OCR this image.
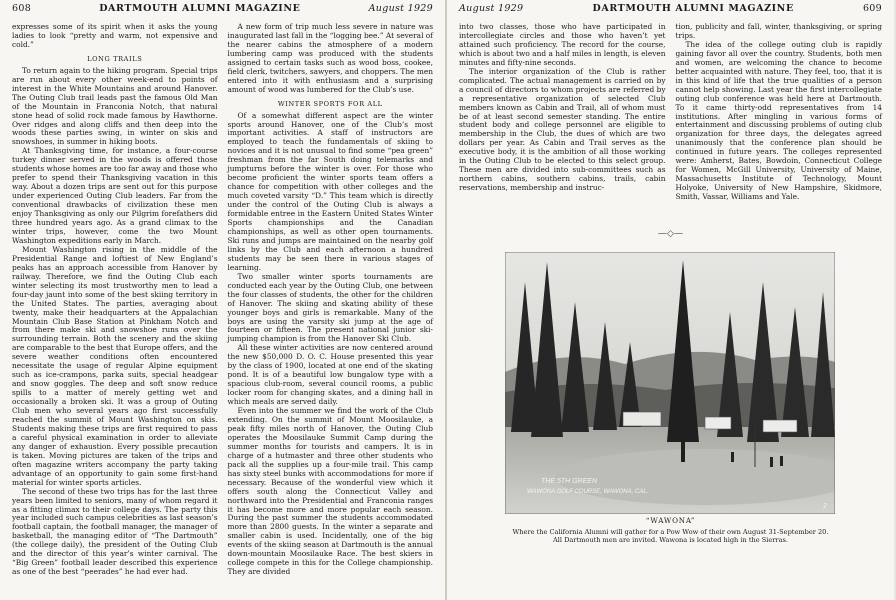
608	DARTMOUTH ALUMNI MAGAZINE	August 1929

expresses some of its spirit when it asks the young ladies to look “pretty and warm, not expensive and cold.”

LONG TRAILS

To return again to the hiking program. Special trips are run about every other week-end to points of interest in the White Mountains and around Hanover. The Outing Club trail leads past the famous Old Man of the Mountain in Franconia Notch, that natural stone head of solid rock made famous by Hawthorne. Over ridges and along cliffs and then deep into the woods these parties swing, in winter on skis and snowshoes, in summer in hiking boots.

At Thanksgiving time, for instance, a four-course turkey dinner served in the woods is offered those students whose homes are too far away and those who prefer to spend their Thanksgiving vacation in this way. About a dozen trips are sent out for this purpose under experienced Outing Club leaders. Far from the conventional drawbacks of civilization these men enjoy Thanksgiving as only our Pilgrim forefathers did three hundred years ago. As a grand climax to the winter trips, however, come the two Mount Washington expeditions early in March.

Mount Washington rising in the middle of the Presidential Range and loftiest of New England’s peaks has an approach accessible from Hanover by railway. Therefore, we find the Outing Club each winter selecting its most trustworthy men to lead a four-day jaunt into some of the best skiing territory in the United States. The parties, averaging about twenty, make their headquarters at the Appalachian Mountain Club Base Station at Pinkham Notch and from there make ski and snowshoe runs over the surrounding terrain. Both the scenery and the skiing are comparable to the best that Europe offers, and the severe weather conditions often encountered necessitate the usage of regular Alpine equipment such as ice-crampons, parka suits, special headgear and snow goggles. The deep and soft snow reduce spills to a matter of merely getting wet and occasionally a broken ski. It was a group of Outing Club men who several years ago first successfully reached the summit of Mount Washington on skis. Students making these trips are first required to pass a careful physical examination in order to alleviate any danger of exhaustion. Every possible precaution is taken. Moving pictures are taken of the trips and often magazine writers accompany the party taking advantage of an opportunity to gain some first-hand material for winter sports articles.

The second of these two trips has for the last three years been limited to seniors, many of whom regard it as a fitting climax to their college days. The party this year included such campus celebrities as last season’s football captain, the football manager, the manager of basketball, the managing editor of “The Dartmouth” (the college daily), the president of the Outing Club and the director of this year’s winter carnival. The “Big Green” football leader described this experience as one of the best “peerades” he had ever had.

A new form of trip much less severe in nature was inaugurated last fall in the “logging bee.” At several of the nearer cabins the atmosphere of a modern lumbering camp was produced with the students assigned to certain tasks such as wood boss, cookee, field clerk, twitchers, sawyers, and choppers. The men entered into it with enthusiasm and a surprising amount of wood was lumbered for the Club’s use.

WINTER SPORTS FOR ALL

Of a somewhat different aspect are the winter sports around Hanover, one of the Club’s most important activities. A staff of instructors are employed to teach the fundamentals of skiing to novices and it is not unusual to find some “pea green” freshman from the far South doing telemarks and jumpturns before the winter is over. For those who become proficient the winter sports team offers a chance for competition with other colleges and the much coveted varsity “D.” This team which is directly under the control of the Outing Club is always a formidable entree in the Eastern United States Winter Sports championships and the Canadian championships, as well as other open tournaments. Ski runs and jumps are maintained on the nearby golf links by the Club and each afternoon a hundred students may be seen there in various stages of learning.

Two smaller winter sports tournaments are conducted each year by the Outing Club, one between the four classes of students, the other for the children of Hanover. The skiing and skating ability of these younger boys and girls is remarkable. Many of the boys are using the varsity ski jump at the age of fourteen or fifteen. The present national junior ski-jumping champion is from the Hanover Ski Club.

All these winter activities are now centered around the new $50,000 D. O. C. House presented this year by the class of 1900, located at one end of the skating pond. It is of a beautiful low bungalow type with a spacious club-room, several council rooms, a public locker room for changing skates, and a dining hall in which meals are served daily.

Even into the summer we find the work of the Club extending. On the summit of Mount Moosilauke, a peak fifty miles north of Hanover, the Outing Club operates the Moosilauke Summit Camp during the summer months for tourists and campers. It is in charge of a hutmaster and three other students who pack all the supplies up a four-mile trail. This camp has sixty steel bunks with accommodations for more if necessary. Because of the wonderful view which it offers south along the Connecticut Valley and northward into the Presidential and Franconia ranges it has become more and more popular each season. During the past summer the students accommodated more than 2800 guests. In the winter a separate and smaller cabin is used. Incidentally, one of the big events of the skiing season at Dartmouth is the annual down-mountain Moosilauke Race. The best skiers in college compete in this for the College championship. They are divided

August 1929	DARTMOUTH ALUMNI MAGAZINE	609

into two classes, those who have participated in intercollegiate circles and those who haven’t yet attained such proficiency. The record for the course, which is about two and a half miles in length, is eleven minutes and fifty-nine seconds.

The interior organization of the Club is rather complicated. The actual management is carried on by a council of directors to whom projects are referred by a representative organization of selected Club members known as Cabin and Trail, all of whom must be of at least second semester standing. The entire student body and college personnel are eligible to membership in the Club, the dues of which are two dollars per year. As Cabin and Trail serves as the executive body, it is the ambition of all those working in the Outing Club to be elected to this select group. These men are divided into sub-committees such as northern cabins, southern cabins, trails, cabin reservations, membership and instruc-

tion, publicity and fall, winter, thanksgiving, or spring trips.

The idea of the college outing club is rapidly gaining favor all over the country. Students, both men and women, are welcoming the chance to become better acquainted with nature. They feel, too, that it is in this kind of life that the true qualities of a person cannot help showing. Last year the first intercollegiate outing club conference was held here at Dartmouth. To it came thirty-odd representatives from 14 institutions. After mingling in various forms of entertainment and discussing problems of outing club organization for three days, the delegates agreed unanimously that the conference plan should be continued in future years. The colleges represented were: Amherst, Bates, Bowdoin, Connecticut College for Women, McGill University, University of Maine, Massachusetts Institute of Technology, Mount Holyoke, University of New Hampshire, Skidmore, Smith, Vassar, Williams and Yale.

—◇—
THE 5TH GREEN
WAWONA GOLF COURSE, WAWONA, CAL.
2
“WAWONA”
Where the California Alumni will gather for a Pow Wow of their own August 31-September 20.
All Dartmouth men are invited. Wawona is located high in the Sierras.
